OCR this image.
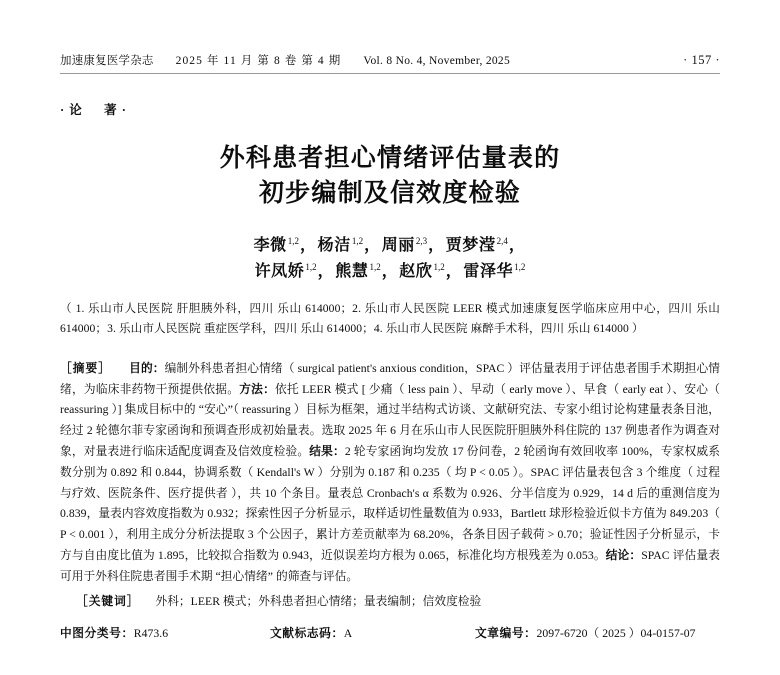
加速康复医学杂志 2025 年 11 月 第 8 卷 第 4 期 Vol. 8 No. 4, November, 2025	· 157 ·
· 论 著 ·
外科患者担心情绪评估量表的
初步编制及信效度检验
李微$^{1,2}$，杨洁$^{1,2}$，周丽$^{2,3}$，贾梦滢$^{2,4}$，
许凤娇$^{1,2}$，熊慧$^{1,2}$，赵欣$^{1,2}$，雷泽华$^{1,2}$
（ 1. 乐山市人民医院 肝胆胰外科，四川 乐山 614000；2. 乐山市人民医院 LEER 模式加速康复医学临床应用中心，四川 乐山 614000；3. 乐山市人民医院 重症医学科，四川 乐山 614000；4. 乐山市人民医院 麻醉手术科，四川 乐山 614000 ）
［摘要］ 目的：编制外科患者担心情绪（ surgical patient's anxious condition，SPAC ）评估量表用于评估患者围手术期担心情绪，为临床非药物干预提供依据。方法：依托 LEER 模式 [ 少痛（ less pain ）、早动（ early move ）、早食（ early eat ）、安心（ reassuring ）] 集成目标中的 “安心”（ reassuring ）目标为框架，通过半结构式访谈、文献研究法、专家小组讨论构建量表条目池，经过 2 轮德尔菲专家函询和预调查形成初始量表。选取 2025 年 6 月在乐山市人民医院肝胆胰外科住院的 137 例患者作为调查对象，对量表进行临床适配度调查及信效度检验。结果：2 轮专家函询均发放 17 份问卷，2 轮函询有效回收率 100%，专家权威系数分别为 0.892 和 0.844，协调系数（ Kendall's W ）分别为 0.187 和 0.235（ 均 P < 0.05 ）。SPAC 评估量表包含 3 个维度（ 过程与疗效、医院条件、医疗提供者 ），共 10 个条目。量表总 Cronbach's α 系数为 0.926、分半信度为 0.929，14 d 后的重测信度为 0.839，量表内容效度指数为 0.932；探索性因子分析显示，取样适切性量数值为 0.933，Bartlett 球形检验近似卡方值为 849.203（ P < 0.001 ），利用主成分分析法提取 3 个公因子，累计方差贡献率为 68.20%，各条目因子载荷 > 0.70；验证性因子分析显示，卡方与自由度比值为 1.895，比较拟合指数为 0.943，近似误差均方根为 0.065，标准化均方根残差为 0.053。结论：SPAC 评估量表可用于外科住院患者围手术期 “担心情绪” 的筛查与评估。
［关键词］ 外科；LEER 模式；外科患者担心情绪；量表编制；信效度检验
中图分类号：R473.6	文献标志码：A	文章编号：2097-6720（ 2025 ）04-0157-07
